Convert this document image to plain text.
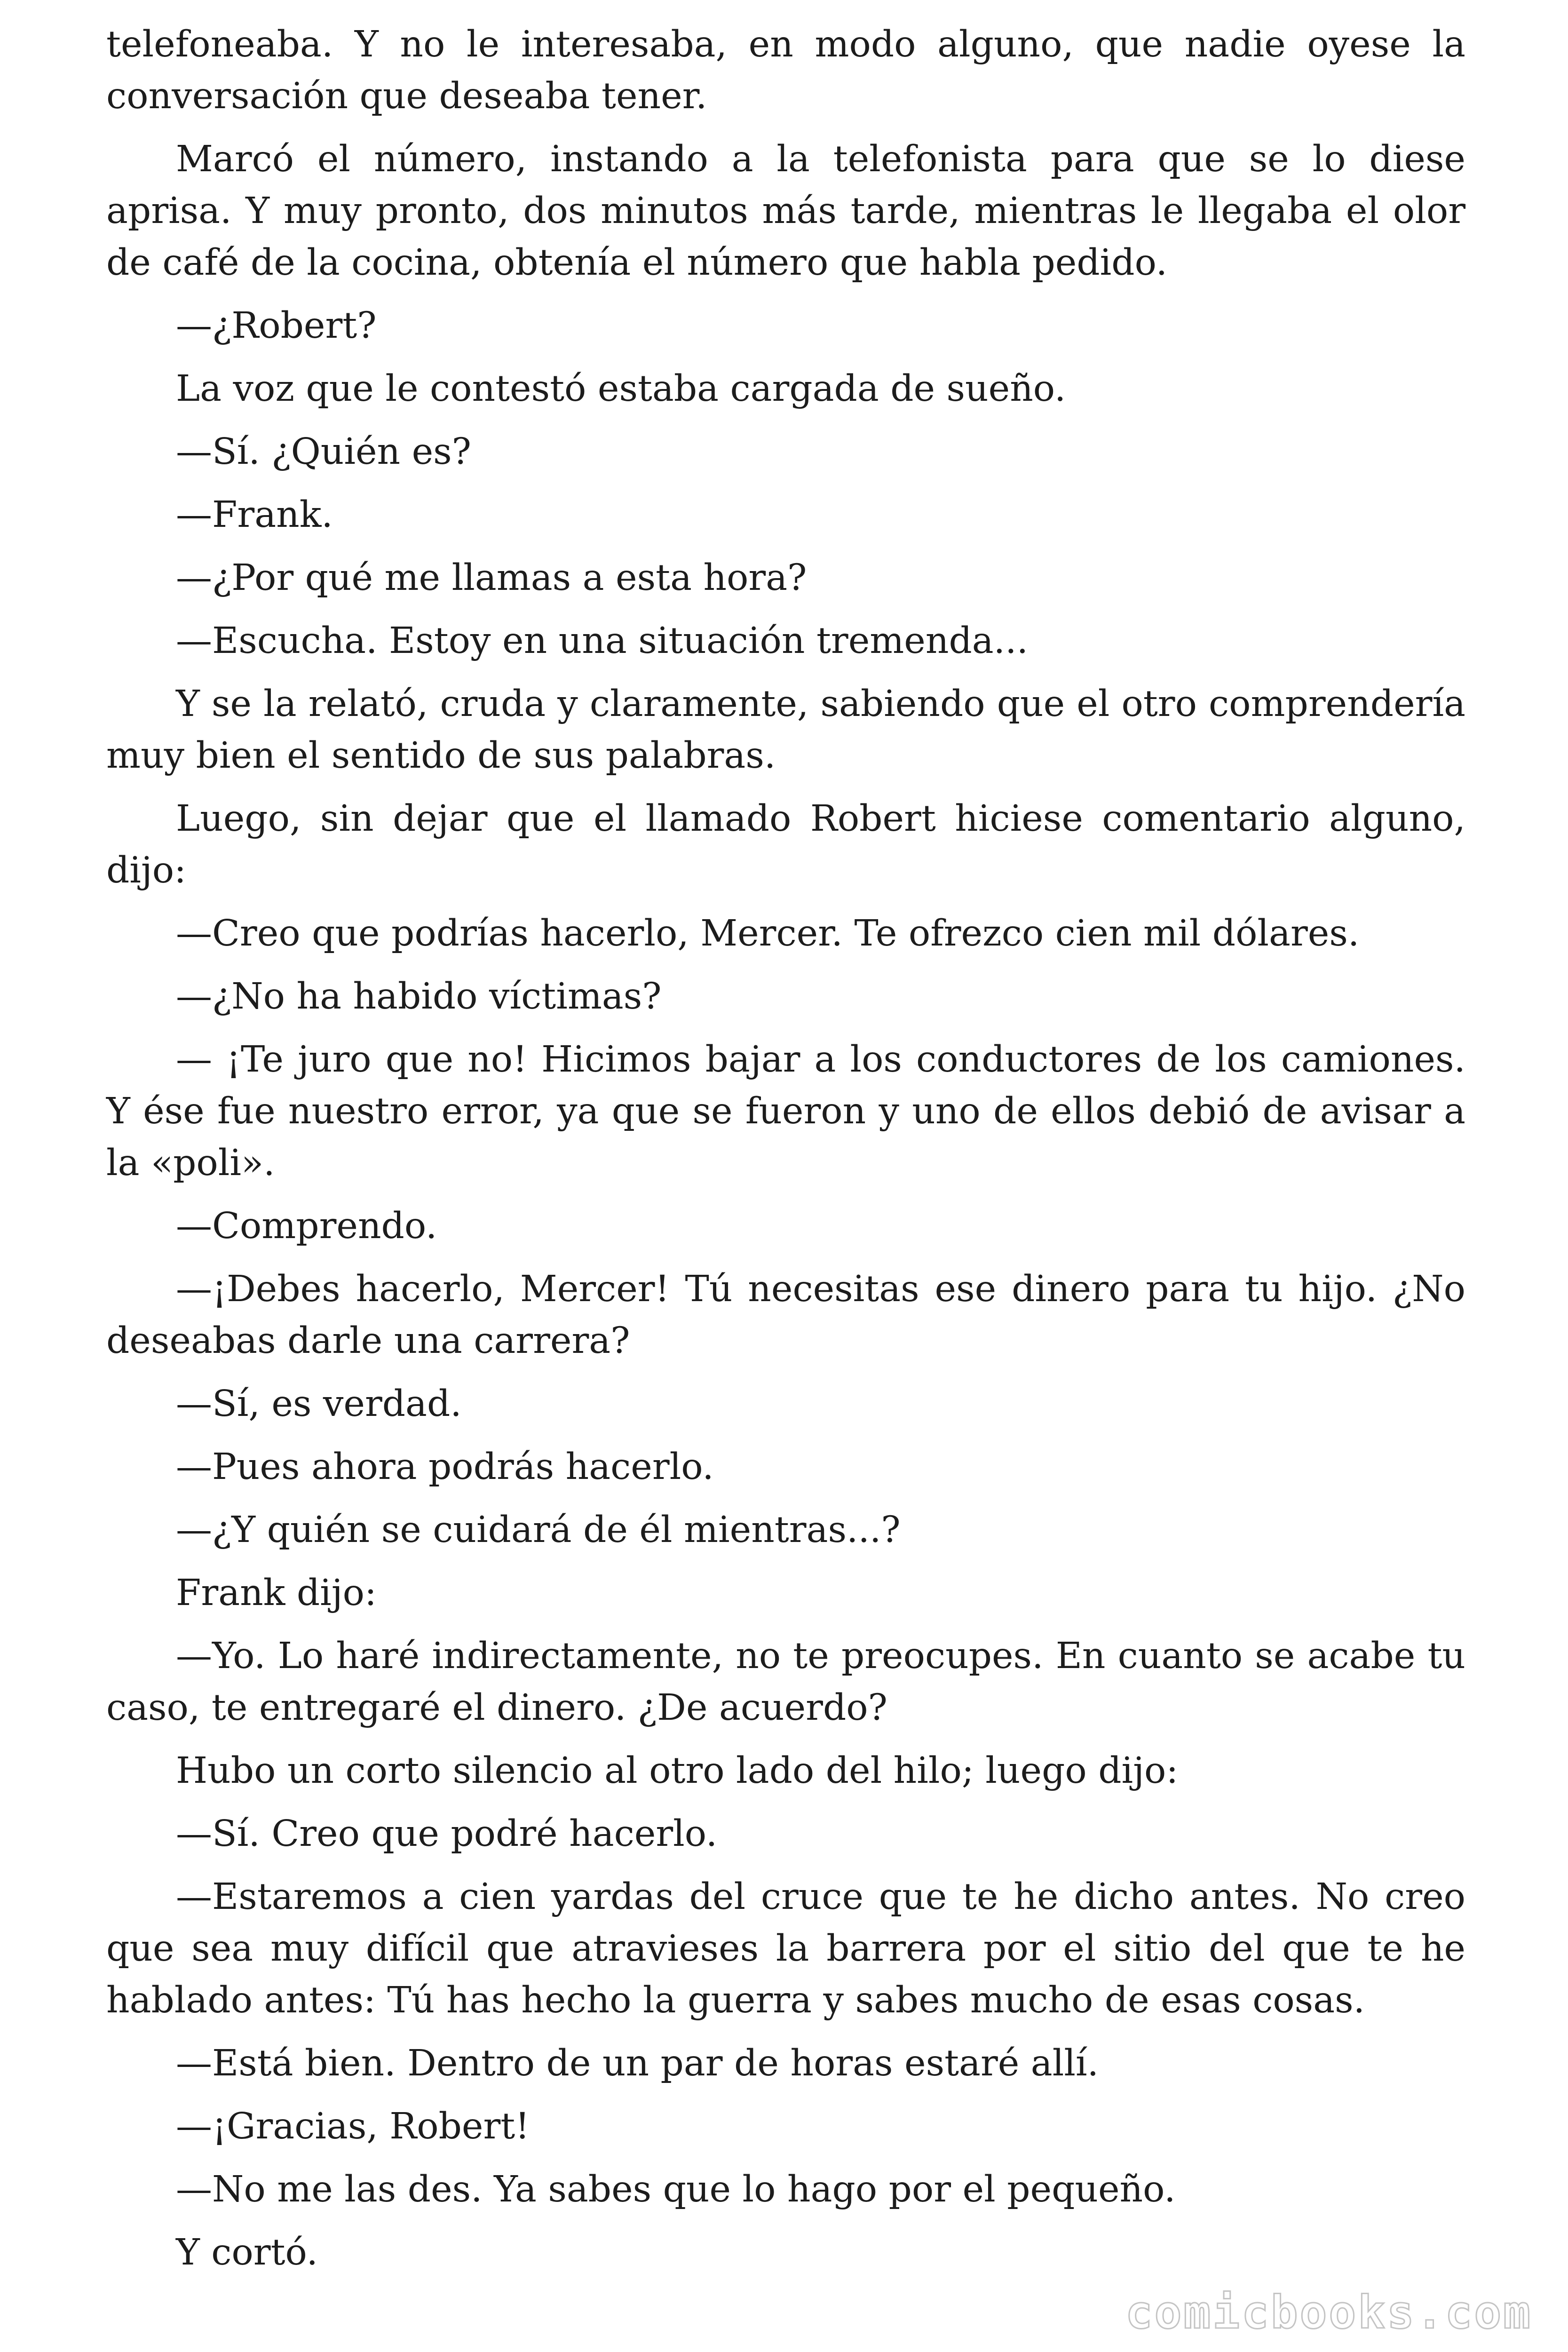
telefoneaba. Y no le interesaba, en modo alguno, que nadie oyese la conversación que deseaba tener.

Marcó el número, instando a la telefonista para que se lo diese aprisa. Y muy pronto, dos minutos más tarde, mientras le llegaba el olor de café de la cocina, obtenía el número que habla pedido.

—¿Robert?

La voz que le contestó estaba cargada de sueño.

—Sí. ¿Quién es?

—Frank.

—¿Por qué me llamas a esta hora?

—Escucha. Estoy en una situación tremenda...

Y se la relató, cruda y claramente, sabiendo que el otro comprendería muy bien el sentido de sus palabras.

Luego, sin dejar que el llamado Robert hiciese comentario alguno, dijo:

—Creo que podrías hacerlo, Mercer. Te ofrezco cien mil dólares.

—¿No ha habido víctimas?

— ¡Te juro que no! Hicimos bajar a los conductores de los camiones. Y ése fue nuestro error, ya que se fueron y uno de ellos debió de avisar a la «poli».

—Comprendo.

—¡Debes hacerlo, Mercer! Tú necesitas ese dinero para tu hijo. ¿No deseabas darle una carrera?

—Sí, es verdad.

—Pues ahora podrás hacerlo.

—¿Y quién se cuidará de él mientras...?

Frank dijo:

—Yo. Lo haré indirectamente, no te preocupes. En cuanto se acabe tu caso, te entregaré el dinero. ¿De acuerdo?

Hubo un corto silencio al otro lado del hilo; luego dijo:

—Sí. Creo que podré hacerlo.

—Estaremos a cien yardas del cruce que te he dicho antes. No creo que sea muy difícil que atravieses la barrera por el sitio del que te he hablado antes: Tú has hecho la guerra y sabes mucho de esas cosas.

—Está bien. Dentro de un par de horas estaré allí.

—¡Gracias, Robert!

—No me las des. Ya sabes que lo hago por el pequeño.

Y cortó.

comicbooks.com
